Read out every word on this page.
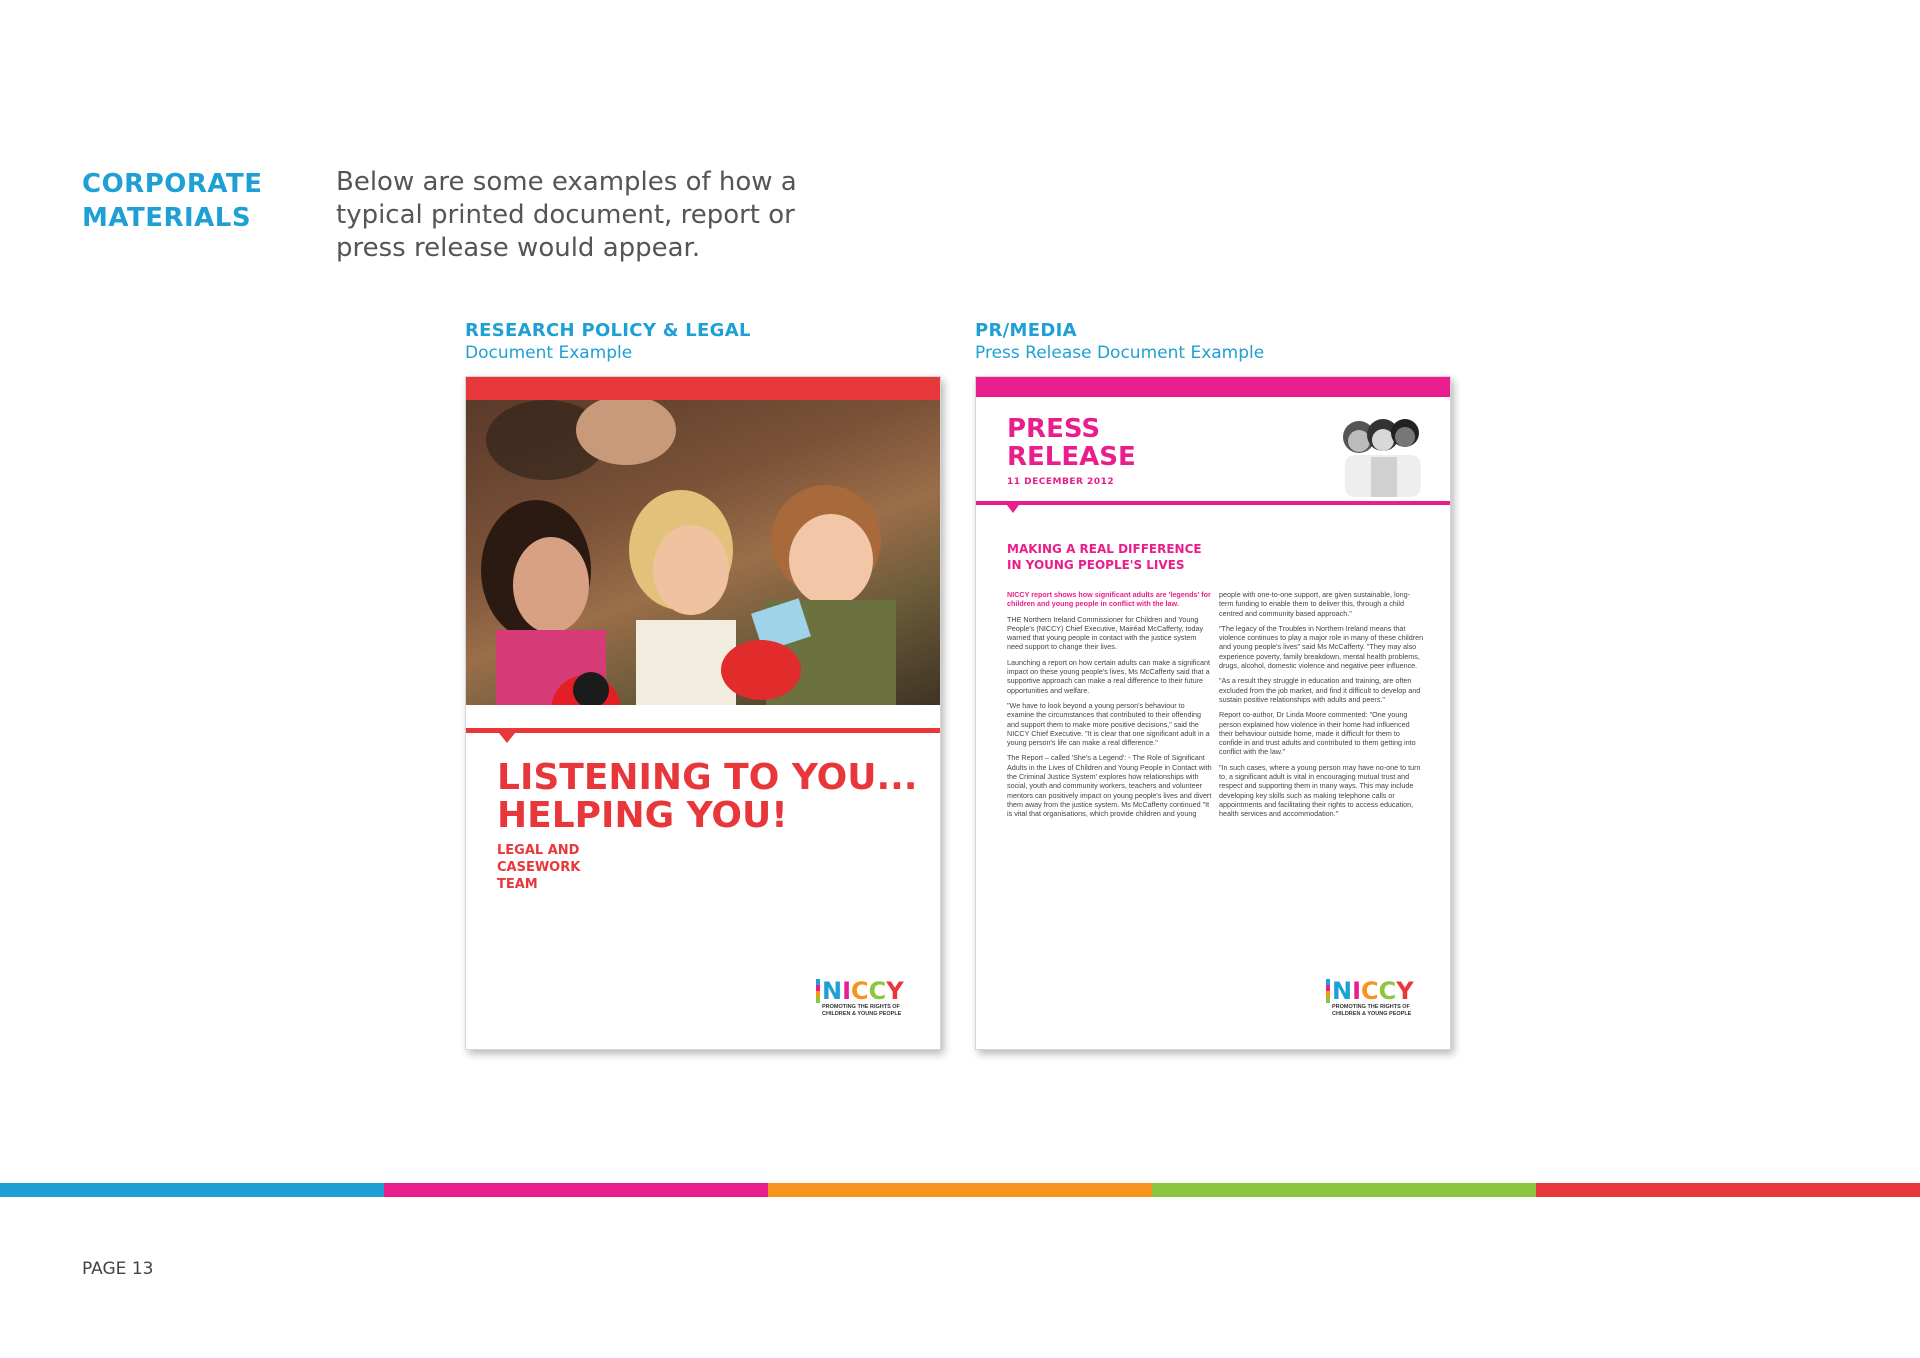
CORPORATE
MATERIALS

Below are some examples of how a typical printed document, report or press release would appear.

RESEARCH POLICY & LEGAL
Document Example
PR/MEDIA
Press Release Document Example
LISTENING TO YOU...
HELPING YOU!
LEGAL AND
CASEWORK
TEAM
N I C C Y
PROMOTING THE RIGHTS OF
CHILDREN & YOUNG PEOPLE
PRESS
RELEASE
11 DECEMBER 2012
MAKING A REAL DIFFERENCE
IN YOUNG PEOPLE'S LIVES

NICCY report shows how significant adults are 'legends' for children and young people in conflict with the law.

THE Northern Ireland Commissioner for Children and Young People's (NICCY) Chief Executive, Mairéad McCafferty, today warned that young people in contact with the justice system need support to change their lives.

Launching a report on how certain adults can make a significant impact on these young people's lives, Ms McCafferty said that a supportive approach can make a real difference to their future opportunities and welfare.

"We have to look beyond a young person's behaviour to examine the circumstances that contributed to their offending and support them to make more positive decisions," said the NICCY Chief Executive. "It is clear that one significant adult in a young person's life can make a real difference."

The Report – called 'She's a Legend': - The Role of Significant Adults in the Lives of Children and Young People in Contact with the Criminal Justice System' explores how relationships with social, youth and community workers, teachers and volunteer mentors can positively impact on young people's lives and divert them away from the justice system. Ms McCafferty continued "It is vital that organisations, which provide children and young

people with one-to-one support, are given sustainable, long-term funding to enable them to deliver this, through a child centred and community based approach."

"The legacy of the Troubles in Northern Ireland means that violence continues to play a major role in many of these children and young people's lives" said Ms McCafferty. "They may also experience poverty, family breakdown, mental health problems, drugs, alcohol, domestic violence and negative peer influence.

"As a result they struggle in education and training, are often excluded from the job market, and find it difficult to develop and sustain positive relationships with adults and peers."

Report co-author, Dr Linda Moore commented: "One young person explained how violence in their home had influenced their behaviour outside home, made it difficult for them to confide in and trust adults and contributed to them getting into conflict with the law."

"In such cases, where a young person may have no-one to turn to, a significant adult is vital in encouraging mutual trust and respect and supporting them in many ways. This may include developing key skills such as making telephone calls or appointments and facilitating their rights to access education, health services and accommodation."

N I C C Y
PROMOTING THE RIGHTS OF
CHILDREN & YOUNG PEOPLE
PAGE 13
